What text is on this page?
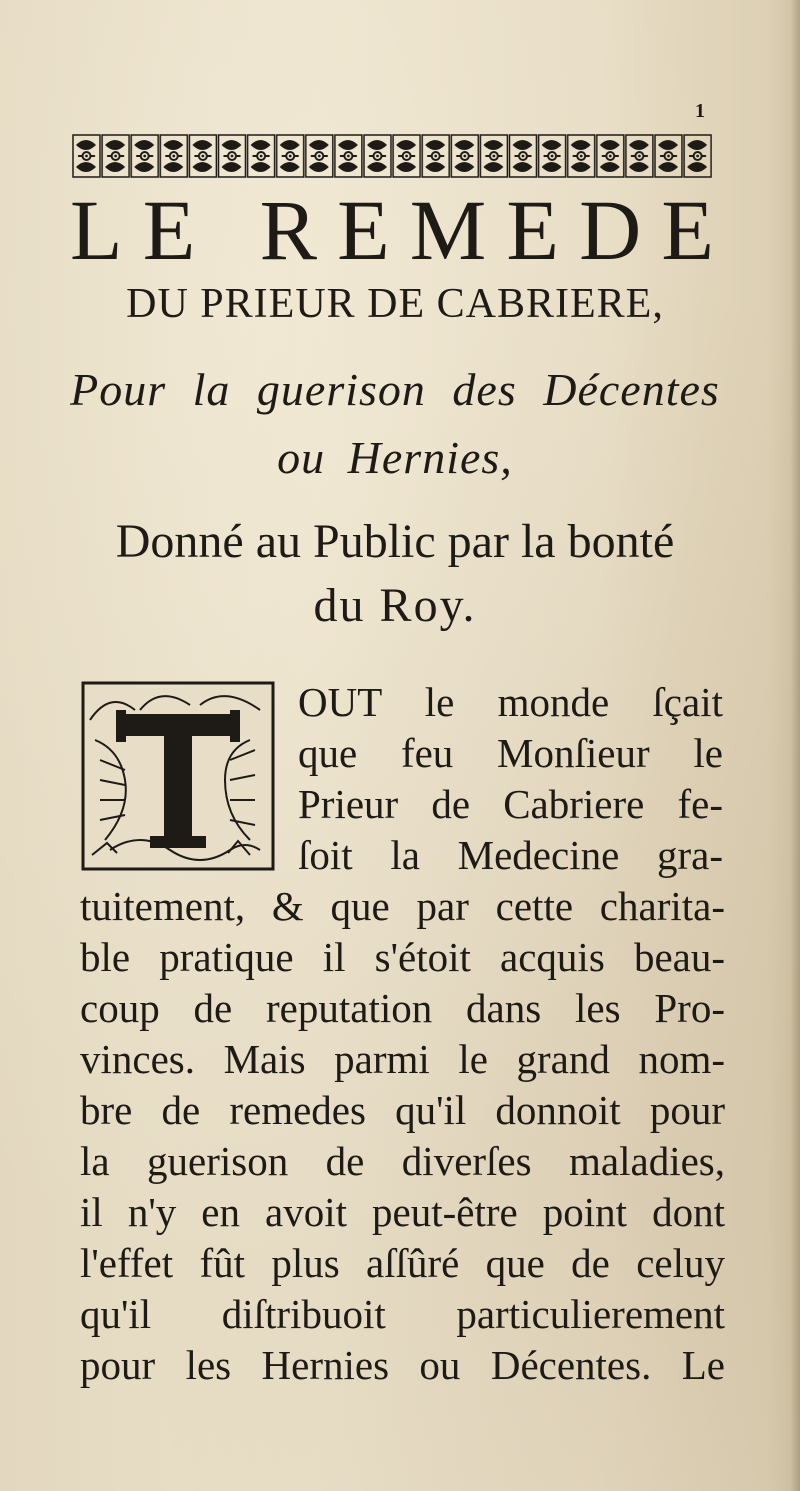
1
L E R E M E D E
DU PRIEUR DE CABRIERE,
Pour la guerison des Décentes
ou Hernies,
Donné au Public par la bonté
du Roy.
OUT le monde ſçait
que feu Monſieur le
Prieur de Cabriere fe-
ſoit la Medecine gra-
tuitement, & que par cette charita-
ble pratique il s'étoit acquis beau-
coup de reputation dans les Pro-
vinces. Mais parmi le grand nom-
bre de remedes qu'il donnoit pour
la guerison de diverſes maladies,
il n'y en avoit peut-être point dont
l'effet fût plus aſſûré que de celuy
qu'il diſtribuoit particulierement
pour les Hernies ou Décentes. Le
